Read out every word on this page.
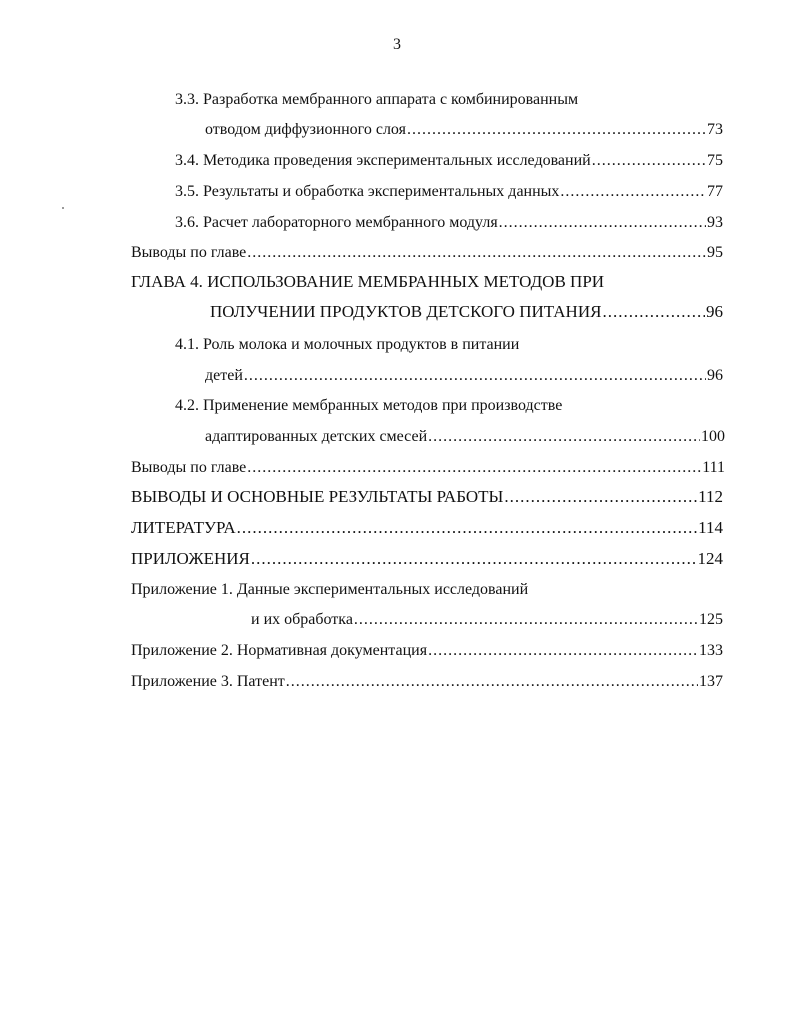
3
3.3. Разработка мембранного аппарата с комбинированным
отводом диффузионного слоя .....	73
3.4. Методика проведения экспериментальных исследований .....	75
3.5. Результаты и обработка экспериментальных данных .....	77
3.6. Расчет лабораторного мембранного модуля .....	93
Выводы по главе .....	95
ГЛАВА 4. ИСПОЛЬЗОВАНИЕ МЕМБРАННЫХ МЕТОДОВ ПРИ
ПОЛУЧЕНИИ ПРОДУКТОВ ДЕТСКОГО ПИТАНИЯ .....	96
4.1. Роль молока и молочных продуктов в питании
детей .....	96
4.2. Применение мембранных методов при производстве
адаптированных детских смесей .....	100
Выводы по главе .....	111
ВЫВОДЫ И ОСНОВНЫЕ РЕЗУЛЬТАТЫ РАБОТЫ .....	112
ЛИТЕРАТУРА .....	114
ПРИЛОЖЕНИЯ .....	124
Приложение 1. Данные экспериментальных исследований
и их обработка .....	125
Приложение 2. Нормативная документация .....	133
Приложение 3. Патент .....	137
